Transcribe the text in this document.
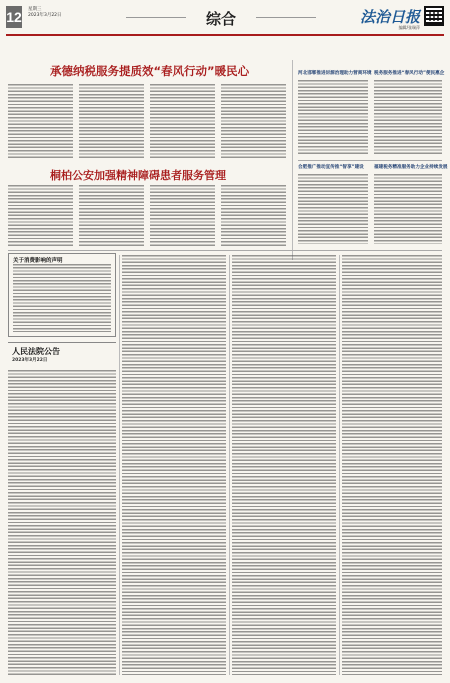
12 星期三
2023年3月22日	综合	法治日报
编辑/张瑞萍
承德纳税服务提质效“春风行动”暖民心
桐柏公安加强精神障碍患者服务管理
河北邯郸推进诉源治理助力营商环境 税务服务推进“春风行动”便民惠企
合肥推广推动宣传推“智享”建设 福建税务精准服务助力企业持续发展
关于消费影响的声明
人民法院公告
2023年3月22日
